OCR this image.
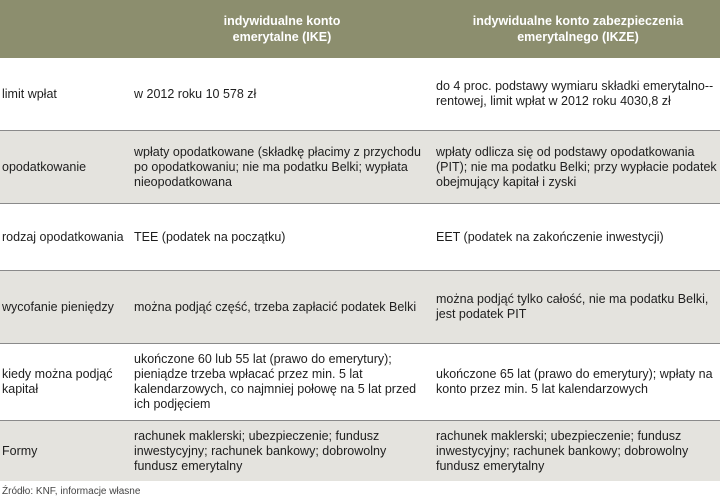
indywidualne konto
emerytalne (IKE)
indywidualne konto zabezpieczenia
emerytalnego (IKZE)
limit wpłat	w 2012 roku 10 578 zł
do 4 proc. podstawy wymiaru składki emerytalno--rentowej, limit wpłat w 2012 roku 4030,8 zł
opodatkowanie
wpłaty opodatkowane (składkę płacimy z przychodu po opodatkowaniu; nie ma podatku Belki; wypłata nieopodatkowana
wpłaty odlicza się od podstawy opodatkowania (PIT); nie ma podatku Belki; przy wypłacie podatek obejmujący kapitał i zyski
rodzaj opodatkowania TEE (podatek na początku)	EET (podatek na zakończenie inwestycji)
wycofanie pieniędzy można podjąć część, trzeba zapłacić podatek Belki
można podjąć tylko całość, nie ma podatku Belki, jest podatek PIT
kiedy można podjąć kapitał
ukończone 60 lub 55 lat (prawo do emerytury); pieniądze trzeba wpłacać przez min. 5 lat kalendarzowych, co najmniej połowę na 5 lat przed ich podjęciem
ukończone 65 lat (prawo do emerytury); wpłaty na konto przez min. 5 lat kalendarzowych
Formy
rachunek maklerski; ubezpieczenie; fundusz inwestycyjny; rachunek bankowy; dobrowolny fundusz emerytalny
rachunek maklerski; ubezpieczenie; fundusz inwestycyjny; rachunek bankowy; dobrowolny fundusz emerytalny
Źródło: KNF, informacje własne
